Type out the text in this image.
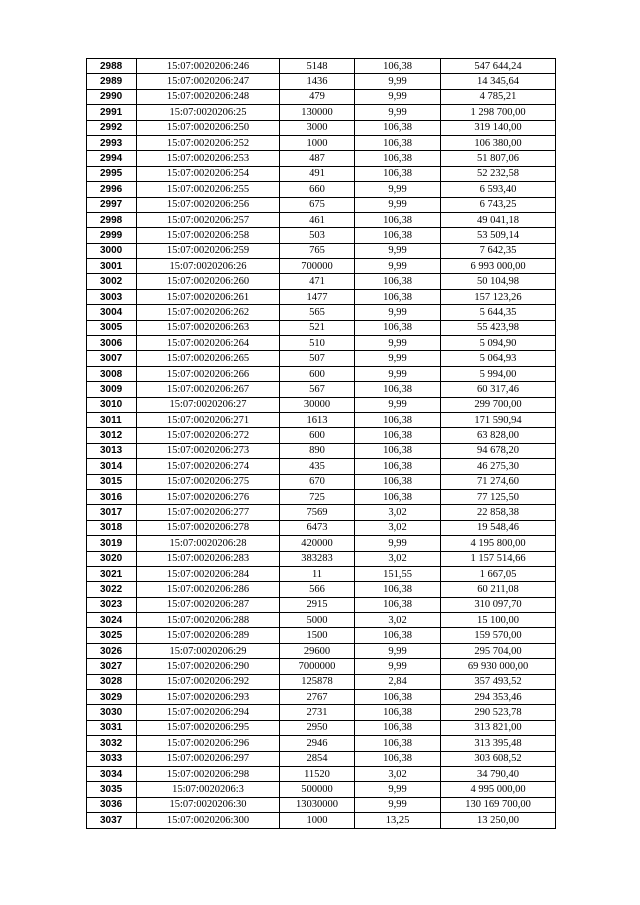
2988	15:07:0020206:246	5148	106,38	547 644,24
2989	15:07:0020206:247	1436	9,99	14 345,64
2990	15:07:0020206:248	479	9,99	4 785,21
2991	15:07:0020206:25	130000	9,99	1 298 700,00
2992	15:07:0020206:250	3000	106,38	319 140,00
2993	15:07:0020206:252	1000	106,38	106 380,00
2994	15:07:0020206:253	487	106,38	51 807,06
2995	15:07:0020206:254	491	106,38	52 232,58
2996	15:07:0020206:255	660	9,99	6 593,40
2997	15:07:0020206:256	675	9,99	6 743,25
2998	15:07:0020206:257	461	106,38	49 041,18
2999	15:07:0020206:258	503	106,38	53 509,14
3000	15:07:0020206:259	765	9,99	7 642,35
3001	15:07:0020206:26	700000	9,99	6 993 000,00
3002	15:07:0020206:260	471	106,38	50 104,98
3003	15:07:0020206:261	1477	106,38	157 123,26
3004	15:07:0020206:262	565	9,99	5 644,35
3005	15:07:0020206:263	521	106,38	55 423,98
3006	15:07:0020206:264	510	9,99	5 094,90
3007	15:07:0020206:265	507	9,99	5 064,93
3008	15:07:0020206:266	600	9,99	5 994,00
3009	15:07:0020206:267	567	106,38	60 317,46
3010	15:07:0020206:27	30000	9,99	299 700,00
3011	15:07:0020206:271	1613	106,38	171 590,94
3012	15:07:0020206:272	600	106,38	63 828,00
3013	15:07:0020206:273	890	106,38	94 678,20
3014	15:07:0020206:274	435	106,38	46 275,30
3015	15:07:0020206:275	670	106,38	71 274,60
3016	15:07:0020206:276	725	106,38	77 125,50
3017	15:07:0020206:277	7569	3,02	22 858,38
3018	15:07:0020206:278	6473	3,02	19 548,46
3019	15:07:0020206:28	420000	9,99	4 195 800,00
3020	15:07:0020206:283	383283	3,02	1 157 514,66
3021	15:07:0020206:284	11	151,55	1 667,05
3022	15:07:0020206:286	566	106,38	60 211,08
3023	15:07:0020206:287	2915	106,38	310 097,70
3024	15:07:0020206:288	5000	3,02	15 100,00
3025	15:07:0020206:289	1500	106,38	159 570,00
3026	15:07:0020206:29	29600	9,99	295 704,00
3027	15:07:0020206:290	7000000	9,99	69 930 000,00
3028	15:07:0020206:292	125878	2,84	357 493,52
3029	15:07:0020206:293	2767	106,38	294 353,46
3030	15:07:0020206:294	2731	106,38	290 523,78
3031	15:07:0020206:295	2950	106,38	313 821,00
3032	15:07:0020206:296	2946	106,38	313 395,48
3033	15:07:0020206:297	2854	106,38	303 608,52
3034	15:07:0020206:298	11520	3,02	34 790,40
3035	15:07:0020206:3	500000	9,99	4 995 000,00
3036	15:07:0020206:30	13030000	9,99	130 169 700,00
3037	15:07:0020206:300	1000	13,25	13 250,00
